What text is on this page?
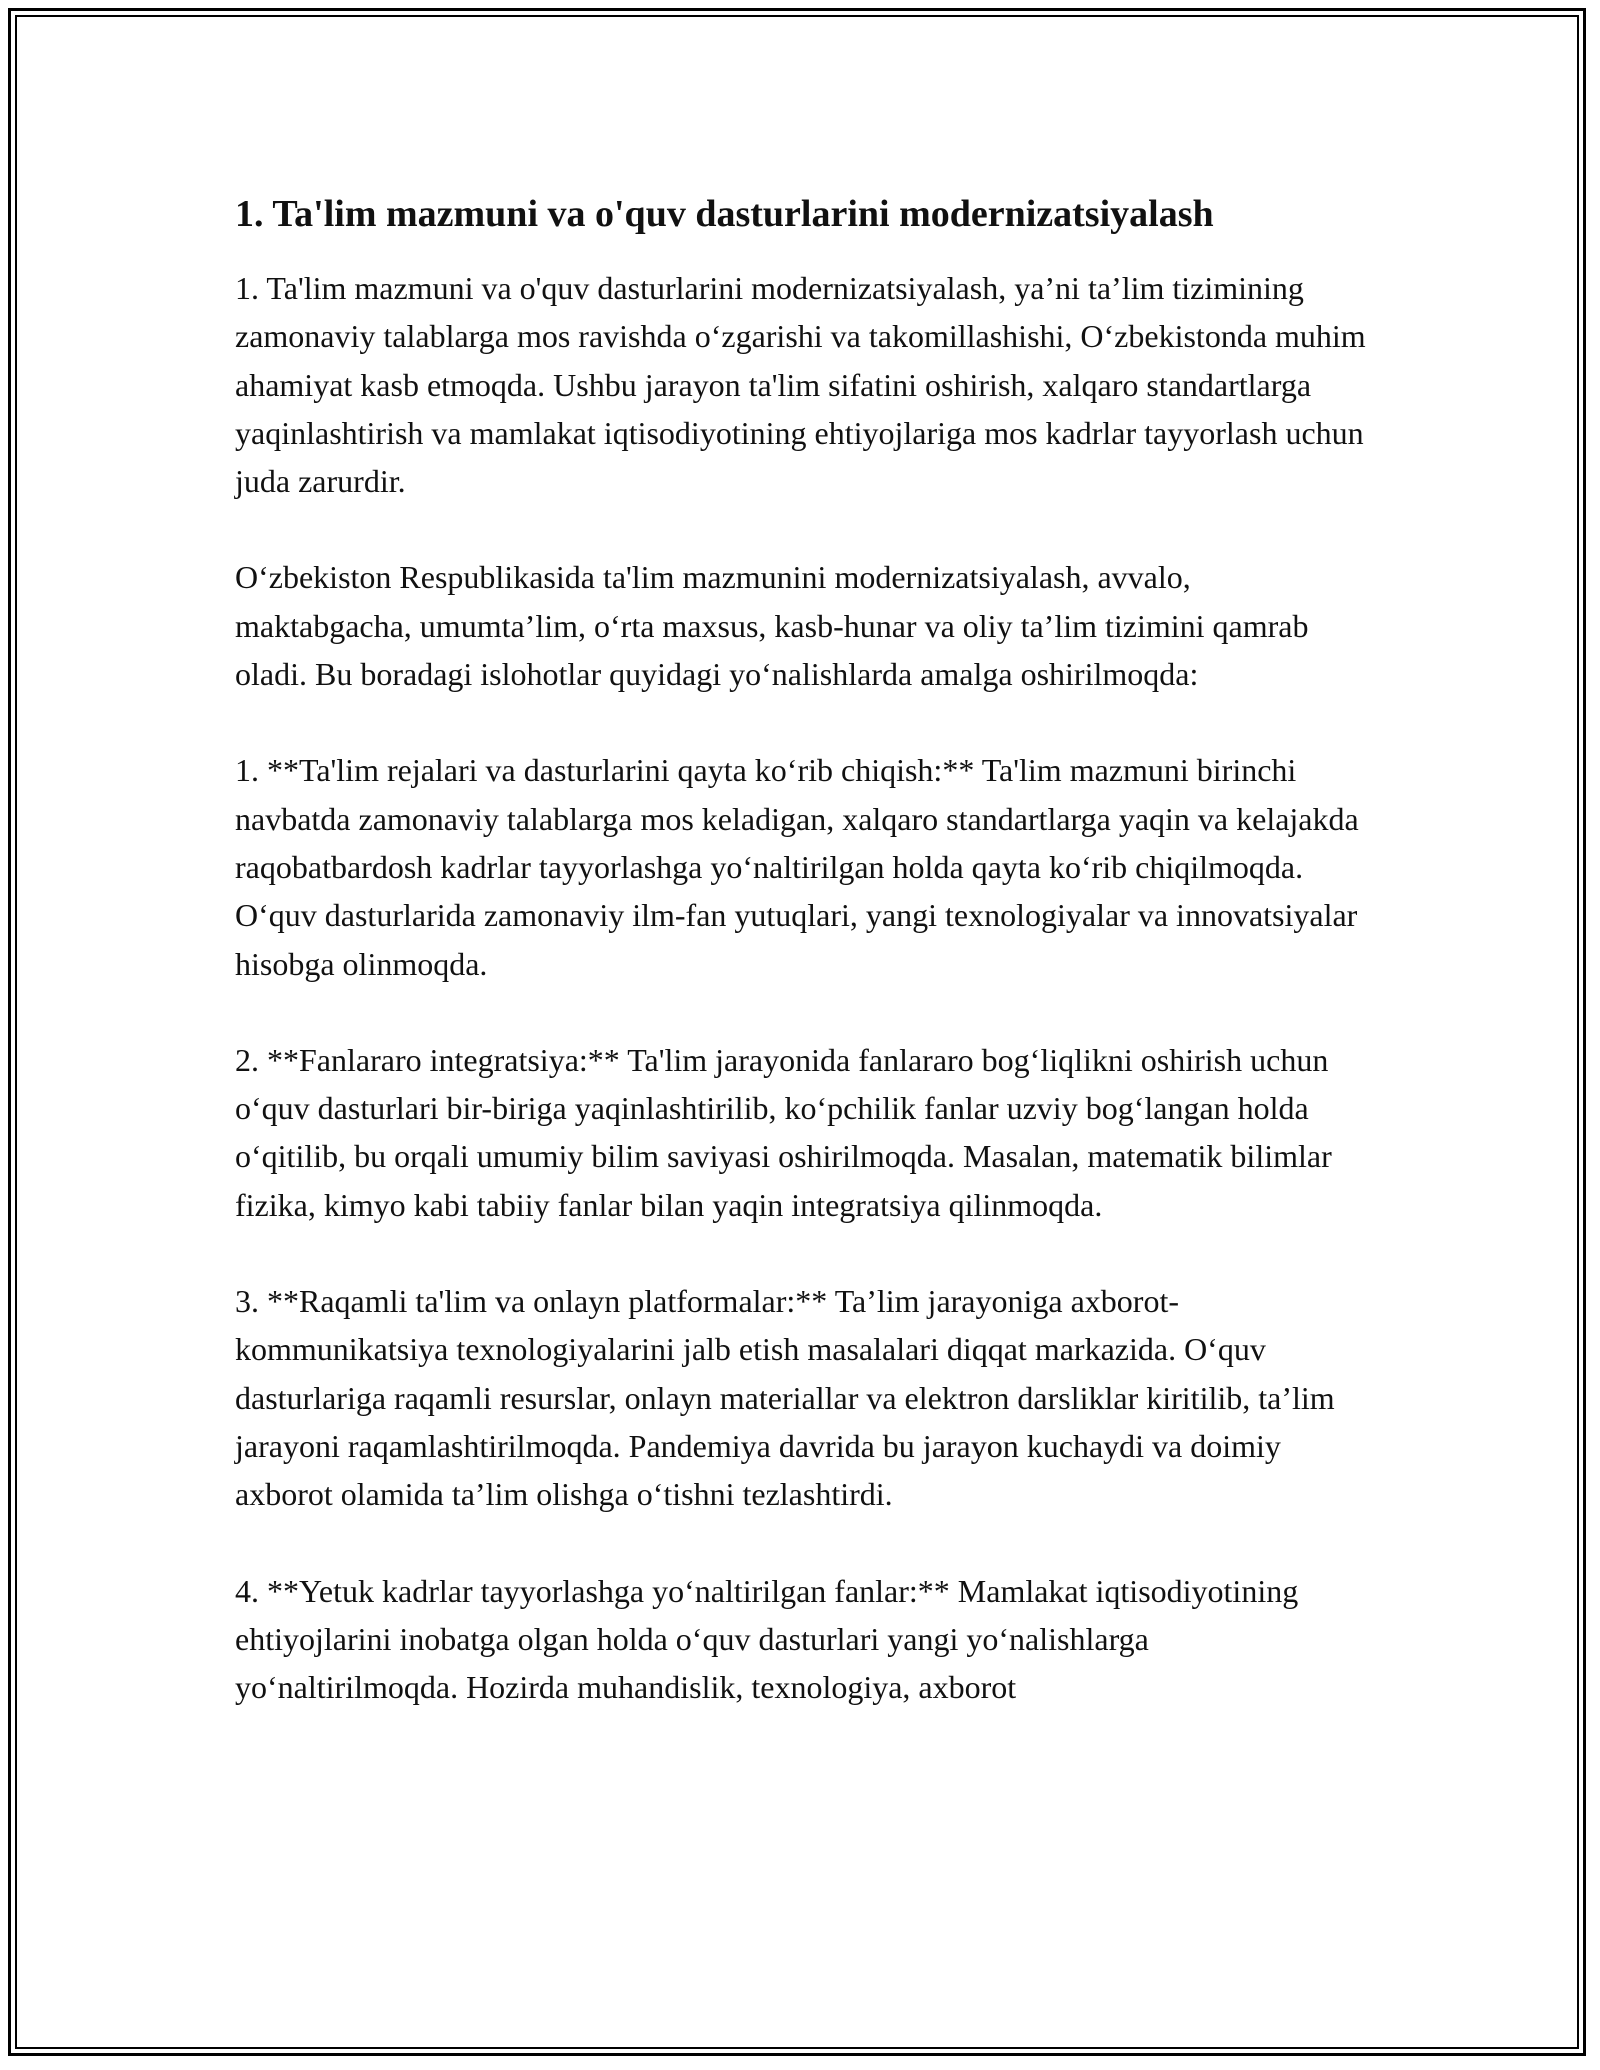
1. Ta'lim mazmuni va o'quv dasturlarini modernizatsiyalash

1. Ta'lim mazmuni va o'quv dasturlarini modernizatsiyalash, ya’ni ta’lim tizimining zamonaviy talablarga mos ravishda o‘zgarishi va takomillashishi, O‘zbekistonda muhim ahamiyat kasb etmoqda. Ushbu jarayon ta'lim sifatini oshirish, xalqaro standartlarga yaqinlashtirish va mamlakat iqtisodiyotining ehtiyojlariga mos kadrlar tayyorlash uchun juda zarurdir.

O‘zbekiston Respublikasida ta'lim mazmunini modernizatsiyalash, avvalo, maktabgacha, umumta’lim, o‘rta maxsus, kasb-hunar va oliy ta’lim tizimini qamrab oladi. Bu boradagi islohotlar quyidagi yo‘nalishlarda amalga oshirilmoqda:

1. **Ta'lim rejalari va dasturlarini qayta ko‘rib chiqish:** Ta'lim mazmuni birinchi navbatda zamonaviy talablarga mos keladigan, xalqaro standartlarga yaqin va kelajakda raqobatbardosh kadrlar tayyorlashga yo‘naltirilgan holda qayta ko‘rib chiqilmoqda. O‘quv dasturlarida zamonaviy ilm-fan yutuqlari, yangi texnologiyalar va innovatsiyalar hisobga olinmoqda.

2. **Fanlararo integratsiya:** Ta'lim jarayonida fanlararo bog‘liqlikni oshirish uchun o‘quv dasturlari bir-biriga yaqinlashtirilib, ko‘pchilik fanlar uzviy bog‘langan holda o‘qitilib, bu orqali umumiy bilim saviyasi oshirilmoqda. Masalan, matematik bilimlar fizika, kimyo kabi tabiiy fanlar bilan yaqin integratsiya qilinmoqda.

3. **Raqamli ta'lim va onlayn platformalar:** Ta’lim jarayoniga axborot-kommunikatsiya texnologiyalarini jalb etish masalalari diqqat markazida. O‘quv dasturlariga raqamli resurslar, onlayn materiallar va elektron darsliklar kiritilib, ta’lim jarayoni raqamlashtirilmoqda. Pandemiya davrida bu jarayon kuchaydi va doimiy axborot olamida ta’lim olishga o‘tishni tezlashtirdi.

4. **Yetuk kadrlar tayyorlashga yo‘naltirilgan fanlar:** Mamlakat iqtisodiyotining ehtiyojlarini inobatga olgan holda o‘quv dasturlari yangi yo‘nalishlarga yo‘naltirilmoqda. Hozirda muhandislik, texnologiya, axborot
